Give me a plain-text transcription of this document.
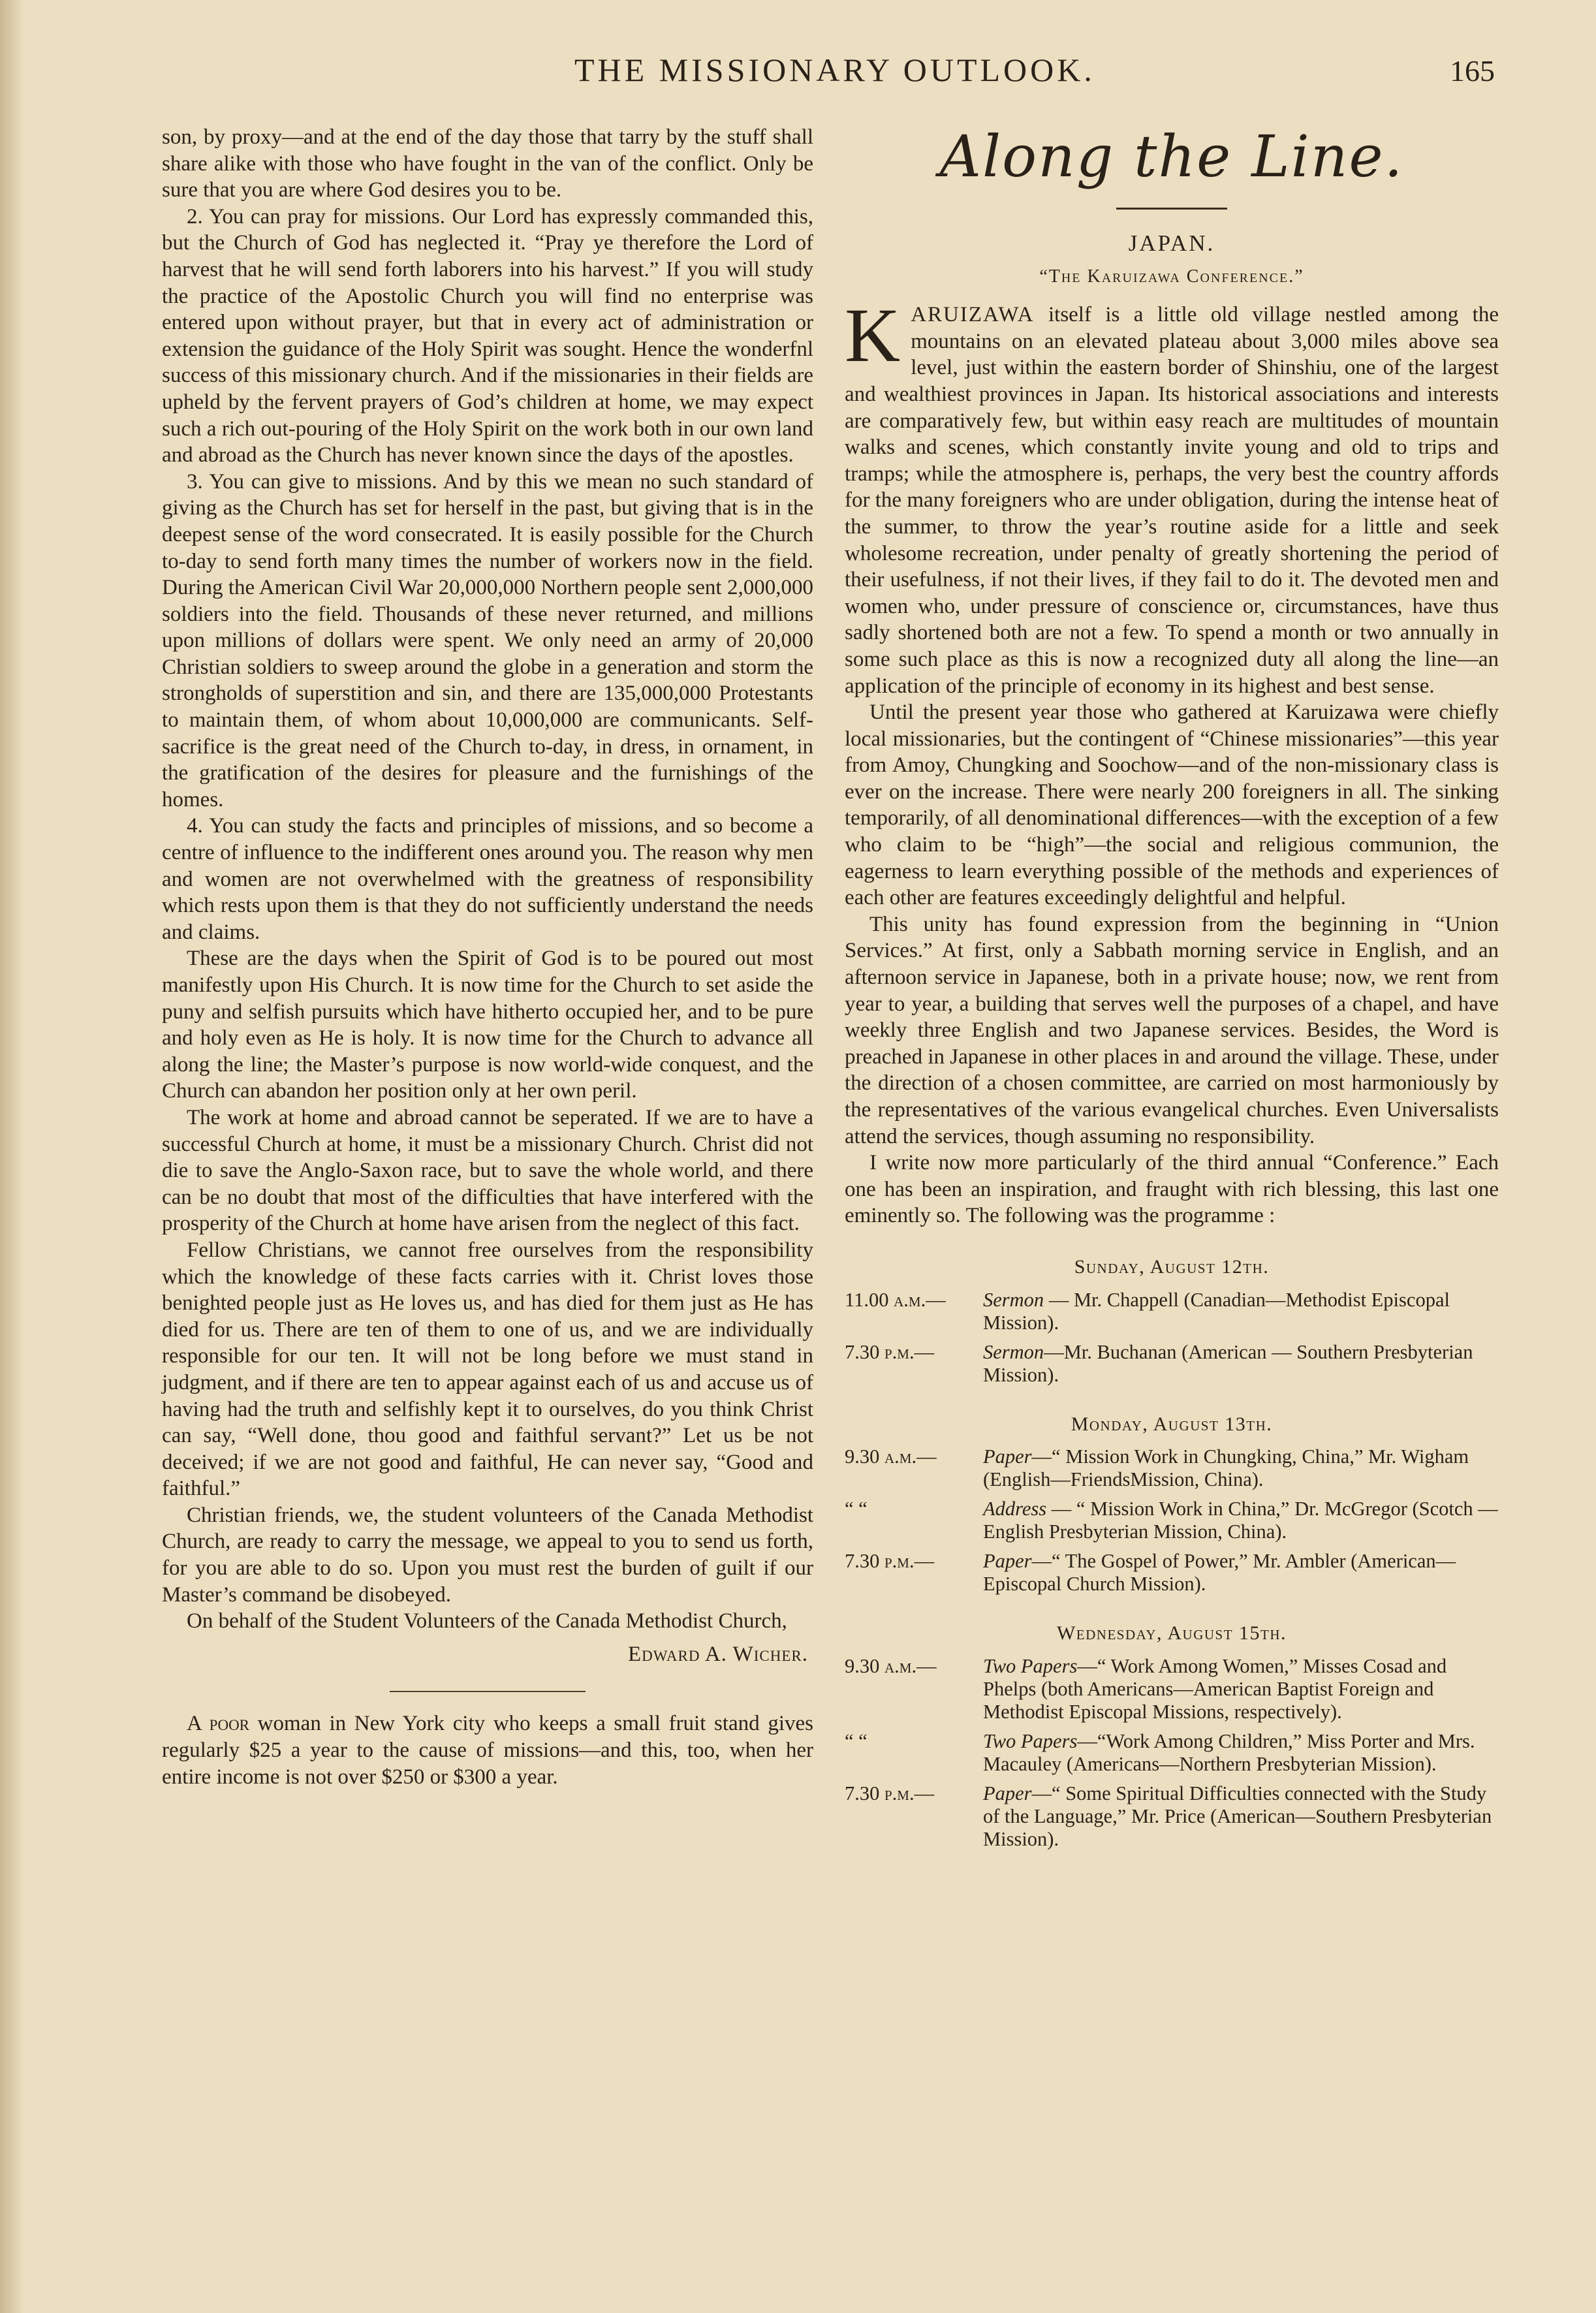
THE MISSIONARY OUTLOOK.	165

son, by proxy—and at the end of the day those that tarry by the stuff shall share alike with those who have fought in the van of the conflict. Only be sure that you are where God desires you to be.

2. You can pray for missions. Our Lord has expressly commanded this, but the Church of God has neglected it. “Pray ye therefore the Lord of harvest that he will send forth laborers into his harvest.” If you will study the practice of the Apostolic Church you will find no enterprise was entered upon without prayer, but that in every act of administration or extension the guidance of the Holy Spirit was sought. Hence the wonderfnl success of this missionary church. And if the missionaries in their fields are upheld by the fervent prayers of God’s children at home, we may expect such a rich out-pouring of the Holy Spirit on the work both in our own land and abroad as the Church has never known since the days of the apostles.

3. You can give to missions. And by this we mean no such standard of giving as the Church has set for herself in the past, but giving that is in the deepest sense of the word consecrated. It is easily possible for the Church to-day to send forth many times the number of workers now in the field. During the American Civil War 20,000,000 Northern people sent 2,000,000 soldiers into the field. Thousands of these never returned, and millions upon millions of dollars were spent. We only need an army of 20,000 Christian soldiers to sweep around the globe in a generation and storm the strongholds of superstition and sin, and there are 135,000,000 Protestants to maintain them, of whom about 10,000,000 are communicants. Self-sacrifice is the great need of the Church to-day, in dress, in ornament, in the gratification of the desires for pleasure and the furnishings of the homes.

4. You can study the facts and principles of missions, and so become a centre of influence to the indifferent ones around you. The reason why men and women are not overwhelmed with the greatness of responsibility which rests upon them is that they do not sufficiently understand the needs and claims.

These are the days when the Spirit of God is to be poured out most manifestly upon His Church. It is now time for the Church to set aside the puny and selfish pursuits which have hitherto occupied her, and to be pure and holy even as He is holy. It is now time for the Church to advance all along the line; the Master’s purpose is now world-wide conquest, and the Church can abandon her position only at her own peril.

The work at home and abroad cannot be seperated. If we are to have a successful Church at home, it must be a missionary Church. Christ did not die to save the Anglo-Saxon race, but to save the whole world, and there can be no doubt that most of the difficulties that have interfered with the prosperity of the Church at home have arisen from the neglect of this fact.

Fellow Christians, we cannot free ourselves from the responsibility which the knowledge of these facts carries with it. Christ loves those benighted people just as He loves us, and has died for them just as He has died for us. There are ten of them to one of us, and we are individually responsible for our ten. It will not be long before we must stand in judgment, and if there are ten to appear against each of us and accuse us of having had the truth and selfishly kept it to ourselves, do you think Christ can say, “Well done, thou good and faithful servant?” Let us be not deceived; if we are not good and faithful, He can never say, “Good and faithful.”

Christian friends, we, the student volunteers of the Canada Methodist Church, are ready to carry the message, we appeal to you to send us forth, for you are able to do so. Upon you must rest the burden of guilt if our Master’s command be disobeyed.

On behalf of the Student Volunteers of the Canada Methodist Church,

Edward A. Wicher.

A poor woman in New York city who keeps a small fruit stand gives regularly $25 a year to the cause of missions—and this, too, when her entire income is not over $250 or $300 a year.

Along the Line.

JAPAN.

“The Karuizawa Conference.”

KARUIZAWA itself is a little old village nestled among the mountains on an elevated plateau about 3,000 miles above sea level, just within the eastern border of Shinshiu, one of the largest and wealthiest provinces in Japan. Its historical associations and interests are comparatively few, but within easy reach are multitudes of mountain walks and scenes, which constantly invite young and old to trips and tramps; while the atmosphere is, perhaps, the very best the country affords for the many foreigners who are under obligation, during the intense heat of the summer, to throw the year’s routine aside for a little and seek wholesome recreation, under penalty of greatly shortening the period of their usefulness, if not their lives, if they fail to do it. The devoted men and women who, under pressure of conscience or, circumstances, have thus sadly shortened both are not a few. To spend a month or two annually in some such place as this is now a recognized duty all along the line—an application of the principle of economy in its highest and best sense.

Until the present year those who gathered at Karuizawa were chiefly local missionaries, but the contingent of “Chinese missionaries”—this year from Amoy, Chungking and Soochow—and of the non-missionary class is ever on the increase. There were nearly 200 foreigners in all. The sinking temporarily, of all denominational differences—with the exception of a few who claim to be “high”—the social and religious communion, the eagerness to learn everything possible of the methods and experiences of each other are features exceedingly delightful and helpful.

This unity has found expression from the beginning in “Union Services.” At first, only a Sabbath morning service in English, and an afternoon service in Japanese, both in a private house; now, we rent from year to year, a building that serves well the purposes of a chapel, and have weekly three English and two Japanese services. Besides, the Word is preached in Japanese in other places in and around the village. These, under the direction of a chosen committee, are carried on most harmoniously by the representatives of the various evangelical churches. Even Universalists attend the services, though assuming no responsibility.

I write now more particularly of the third annual “Conference.” Each one has been an inspiration, and fraught with rich blessing, this last one eminently so. The following was the programme :

Sunday, August 12th.

11.00 a.m.—	Sermon — Mr. Chappell (Canadian—Methodist Episcopal Mission).
7.30 p.m.—	Sermon—Mr. Buchanan (American — Southern Presbyterian Mission).

Monday, August 13th.

9.30 a.m.—	Paper—“ Mission Work in Chungking, China,” Mr. Wigham (English—FriendsMission, China).
“ “	Address — “ Mission Work in China,” Dr. McGregor (Scotch — English Presbyterian Mission, China).
7.30 p.m.—	Paper—“ The Gospel of Power,” Mr. Ambler (American—Episcopal Church Mission).

Wednesday, August 15th.

9.30 a.m.—	Two Papers—“ Work Among Women,” Misses Cosad and Phelps (both Americans—American Baptist Foreign and Methodist Episcopal Missions, respectively).
“ “	Two Papers—“Work Among Children,” Miss Porter and Mrs. Macauley (Americans—Northern Presbyterian Mission).
7.30 p.m.—	Paper—“ Some Spiritual Difficulties connected with the Study of the Language,” Mr. Price (American—Southern Presbyterian Mission).
